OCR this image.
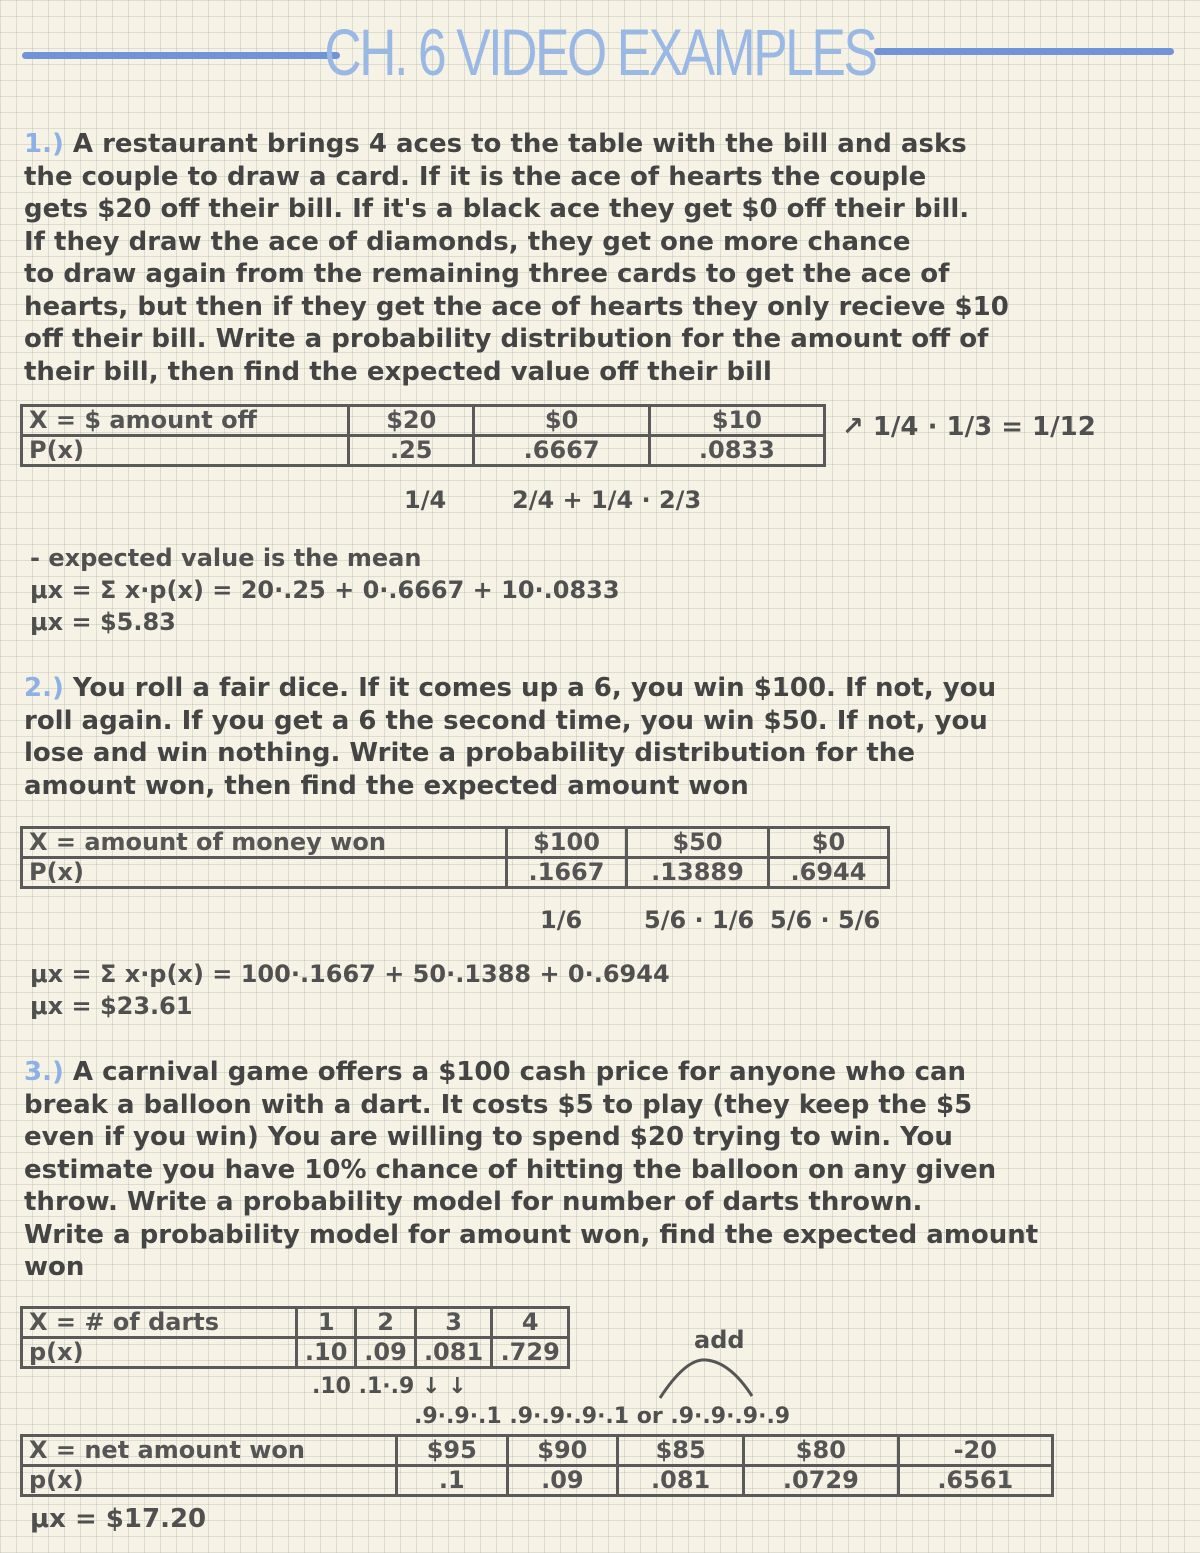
CH. 6 VIDEO EXAMPLES

1.) A restaurant brings 4 aces to the table with the bill and asks

the couple to draw a card. If it is the ace of hearts the couple

gets $20 off their bill. If it's a black ace they get $0 off their bill.

If they draw the ace of diamonds, they get one more chance

to draw again from the remaining three cards to get the ace of

hearts, but then if they get the ace of hearts they only recieve $10

off their bill. Write a probability distribution for the amount off of

their bill, then find the expected value off their bill

X = $ amount off	$20	$0	$10
P(x)	.25	.6667	.0833
↗ 1/4 · 1/3 = 1/12
1/4	2/4 + 1/4 · 2/3

- expected value is the mean

μx = Σ x·p(x) = 20·.25 + 0·.6667 + 10·.0833

μx = $5.83

2.) You roll a fair dice. If it comes up a 6, you win $100. If not, you

roll again. If you get a 6 the second time, you win $50. If not, you

lose and win nothing. Write a probability distribution for the

amount won, then find the expected amount won

X = amount of money won	$100	$50	$0
P(x)	.1667	.13889	.6944
1/6	5/6 · 1/6 5/6 · 5/6

μx = Σ x·p(x) = 100·.1667 + 50·.1388 + 0·.6944

μx = $23.61

3.) A carnival game offers a $100 cash price for anyone who can

break a balloon with a dart. It costs $5 to play (they keep the $5

even if you win) You are willing to spend $20 trying to win. You

estimate you have 10% chance of hitting the balloon on any given

throw. Write a probability model for number of darts thrown.

Write a probability model for amount won, find the expected amount

won

X = # of darts	1	2	3	4
p(x)	.10	.09	.081	.729
.10 .1·.9 ↓ ↓
add
.9·.9·.1 .9·.9·.9·.1 or .9·.9·.9·.9
X = net amount won	$95	$90	$85	$80	-20
p(x)	.1	.09	.081	.0729	.6561
μx = $17.20
